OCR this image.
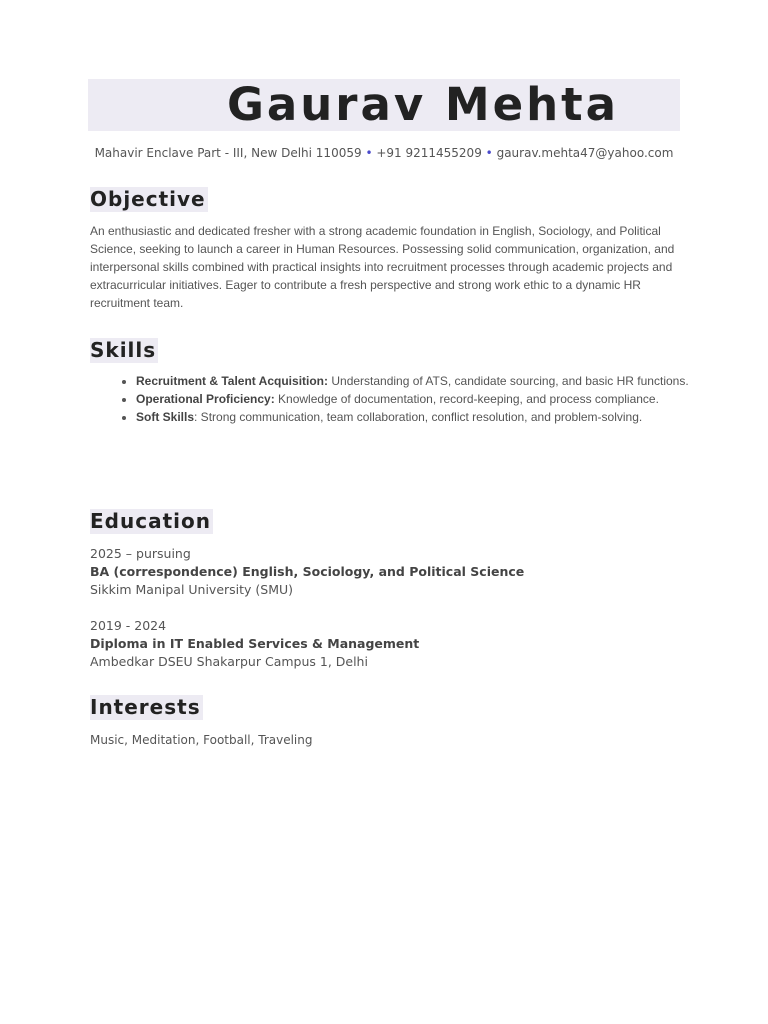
Gaurav Mehta
Mahavir Enclave Part - III, New Delhi 110059 • +91 9211455209 • gaurav.mehta47@yahoo.com
Objective

An enthusiastic and dedicated fresher with a strong academic foundation in English, Sociology, and Political Science, seeking to launch a career in Human Resources. Possessing solid communication, organization, and interpersonal skills combined with practical insights into recruitment processes through academic projects and extracurricular initiatives. Eager to contribute a fresh perspective and strong work ethic to a dynamic HR recruitment team.

Skills
• Recruitment & Talent Acquisition: Understanding of ATS, candidate sourcing, and basic HR functions.
• Operational Proficiency: Knowledge of documentation, record-keeping, and process compliance.
• Soft Skills: Strong communication, team collaboration, conflict resolution, and problem-solving.
Education

2025 – pursuing

BA (correspondence) English, Sociology, and Political Science

Sikkim Manipal University (SMU)

2019 - 2024

Diploma in IT Enabled Services & Management

Ambedkar DSEU Shakarpur Campus 1, Delhi

Interests

Music, Meditation, Football, Traveling
